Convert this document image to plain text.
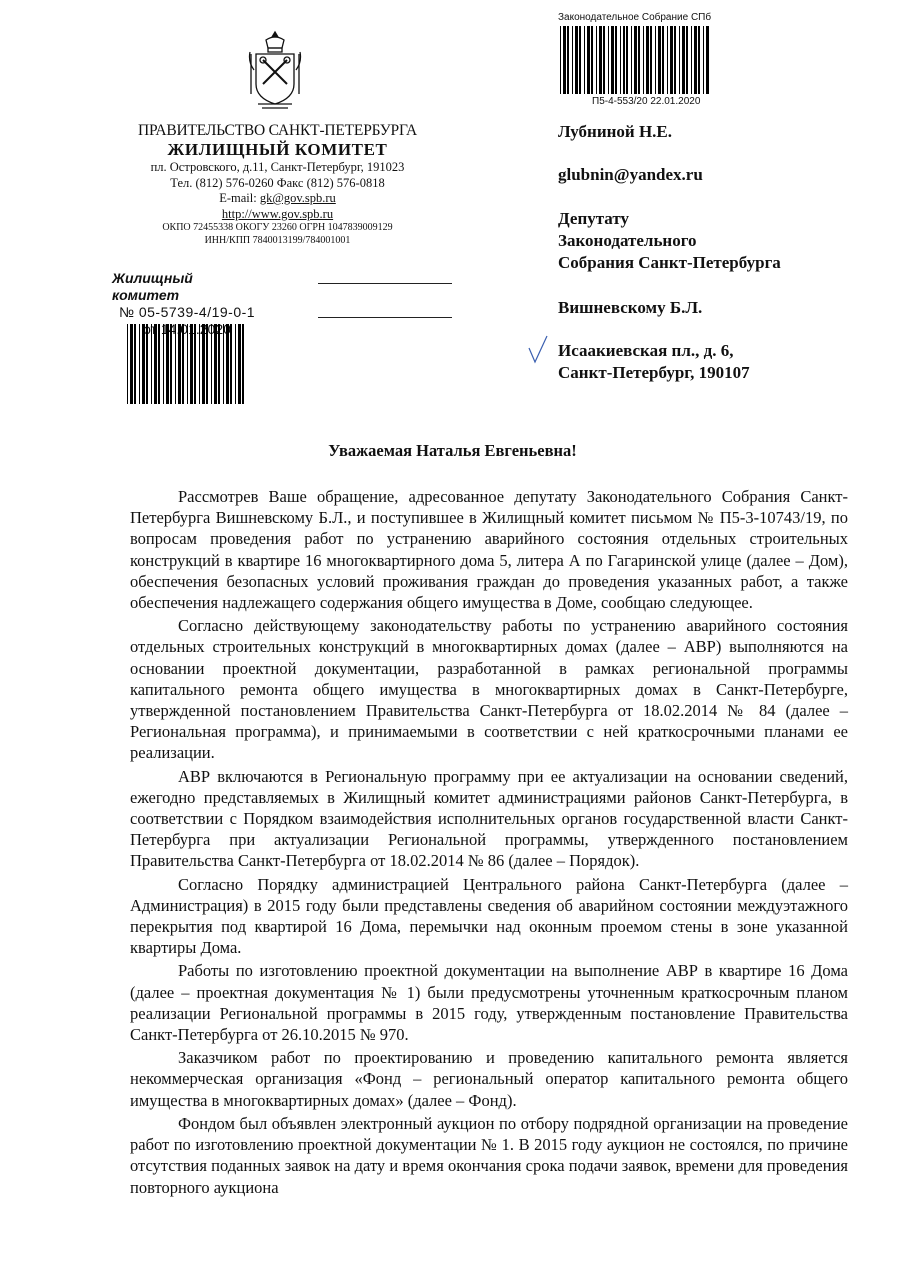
ПРАВИТЕЛЬСТВО САНКТ-ПЕТЕРБУРГА
ЖИЛИЩНЫЙ КОМИТЕТ
пл. Островского, д.11, Санкт-Петербург, 191023
Тел. (812) 576-0260 Факс (812) 576-0818
E-mail: gk@gov.spb.ru
http://www.gov.spb.ru
ОКПО 72455338 ОКОГУ 23260 ОГРН 1047839009129
ИНН/КПП 7840013199/784001001
Жилищный комитет
№ 05-5739-4/19-0-1
от
Законодательное Собрание СПб
П5-4-553/20 22.01.2020
Лубниной Н.Е.
glubnin@yandex.ru
Депутату
Законодательного
Собрания Санкт-Петербурга
Вишневскому Б.Л.
Исаакиевская пл., д. 6,
Санкт-Петербург, 190107
Уважаемая Наталья Евгеньевна!

Рассмотрев Ваше обращение, адресованное депутату Законодательного Собрания Санкт-Петербурга Вишневскому Б.Л., и поступившее в Жилищный комитет письмом № П5-3-10743/19, по вопросам проведения работ по устранению аварийного состояния отдельных строительных конструкций в квартире 16 многоквартирного дома 5, литера А по Гагаринской улице (далее – Дом), обеспечения безопасных условий проживания граждан до проведения указанных работ, а также обеспечения надлежащего содержания общего имущества в Доме, сообщаю следующее.

Согласно действующему законодательству работы по устранению аварийного состояния отдельных строительных конструкций в многоквартирных домах (далее – АВР) выполняются на основании проектной документации, разработанной в рамках региональной программы капитального ремонта общего имущества в многоквартирных домах в Санкт-Петербурге, утвержденной постановлением Правительства Санкт-Петербурга от 18.02.2014 № 84 (далее – Региональная программа), и принимаемыми в соответствии с ней краткосрочными планами ее реализации.

АВР включаются в Региональную программу при ее актуализации на основании сведений, ежегодно представляемых в Жилищный комитет администрациями районов Санкт-Петербурга, в соответствии с Порядком взаимодействия исполнительных органов государственной власти Санкт-Петербурга при актуализации Региональной программы, утвержденного постановлением Правительства Санкт-Петербурга от 18.02.2014 № 86 (далее – Порядок).

Согласно Порядку администрацией Центрального района Санкт-Петербурга (далее – Администрация) в 2015 году были представлены сведения об аварийном состоянии междуэтажного перекрытия под квартирой 16 Дома, перемычки над оконным проемом стены в зоне указанной квартиры Дома.

Работы по изготовлению проектной документации на выполнение АВР в квартире 16 Дома (далее – проектная документация № 1) были предусмотрены уточненным краткосрочным планом реализации Региональной программы в 2015 году, утвержденным постановление Правительства Санкт-Петербурга от 26.10.2015 № 970.

Заказчиком работ по проектированию и проведению капитального ремонта является некоммерческая организация «Фонд – региональный оператор капитального ремонта общего имущества в многоквартирных домах» (далее – Фонд).

Фондом был объявлен электронный аукцион по отбору подрядной организации на проведение работ по изготовлению проектной документации № 1. В 2015 году аукцион не состоялся, по причине отсутствия поданных заявок на дату и время окончания срока подачи заявок, времени для проведения повторного аукциона
